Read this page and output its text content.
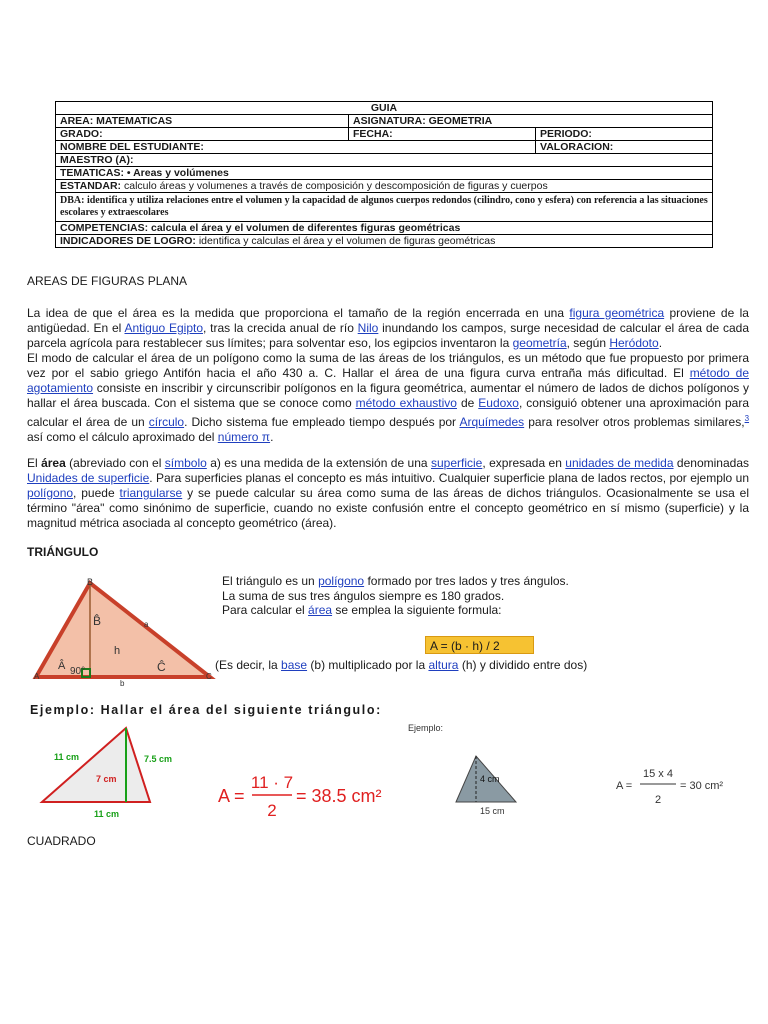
GUIA		
AREA: MATEMATICAS	ASIGNATURA: GEOMETRIA	
GRADO:	FECHA:	PERIODO:
NOMBRE DEL ESTUDIANTE:		VALORACION:
MAESTRO (A):		
TEMATICAS: • Areas y volúmenes		
ESTANDAR: calculo áreas y volumenes a través de composición y descomposición de figuras y cuerpos		
DBA: identifica y utiliza relaciones entre el volumen y la capacidad de algunos cuerpos redondos (cilindro, cono y esfera) con referencia a las situaciones escolares y extraescolares		
COMPETENCIAS: calcula el área y el volumen de diferentes figuras geométricas		
INDICADORES DE LOGRO: identifica y calculas el área y el volumen de figuras geométricas		
AREAS DE FIGURAS PLANA
La idea de que el área es la medida que proporciona el tamaño de la región encerrada en una figura geométrica proviene de la antigüedad. En el Antiguo Egipto, tras la crecida anual de río Nilo inundando los campos, surge necesidad de calcular el área de cada parcela agrícola para restablecer sus límites; para solventar eso, los egipcios inventaron la geometría, según Heródoto.
El modo de calcular el área de un polígono como la suma de las áreas de los triángulos, es un método que fue propuesto por primera vez por el sabio griego Antifón hacia el año 430 a. C. Hallar el área de una figura curva entraña más dificultad. El método de agotamiento consiste en inscribir y circunscribir polígonos en la figura geométrica, aumentar el número de lados de dichos polígonos y hallar el área buscada. Con el sistema que se conoce como método exhaustivo de Eudoxo, consiguió obtener una aproximación para calcular el área de un círculo. Dicho sistema fue empleado tiempo después por Arquímedes para resolver otros problemas similares,$^3$ así como el cálculo aproximado del número π.
El área (abreviado con el símbolo a) es una medida de la extensión de una superficie, expresada en unidades de medida denominadas Unidades de superficie. Para superficies planas el concepto es más intuitivo. Cualquier superficie plana de lados rectos, por ejemplo un polígono, puede triangularse y se puede calcular su área como suma de las áreas de dichos triángulos. Ocasionalmente se usa el término "área" como sinónimo de superficie, cuando no existe confusión entre el concepto geométrico en sí mismo (superficie) y la magnitud métrica asociada al concepto geométrico (área).
TRIÁNGULO
B
B̂	a
h
A
Â 90°	Ĉ
C
b
El triángulo es un polígono formado por tres lados y tres ángulos.
La suma de sus tres ángulos siempre es 180 grados.
Para calcular el área se emplea la siguiente formula:
A = (b · h) / 2
(Es decir, la base (b) multiplicado por la altura (h) y dividido entre dos)
Ejemplo: Hallar el área del siguiente triángulo:
11 cm	7.5 cm
7 cm
11 cm
A =
11 · 7
2
= 38.5 cm²
Ejemplo:
4 cm
15 cm
A =
15 x 4
2
= 30 cm²
CUADRADO
